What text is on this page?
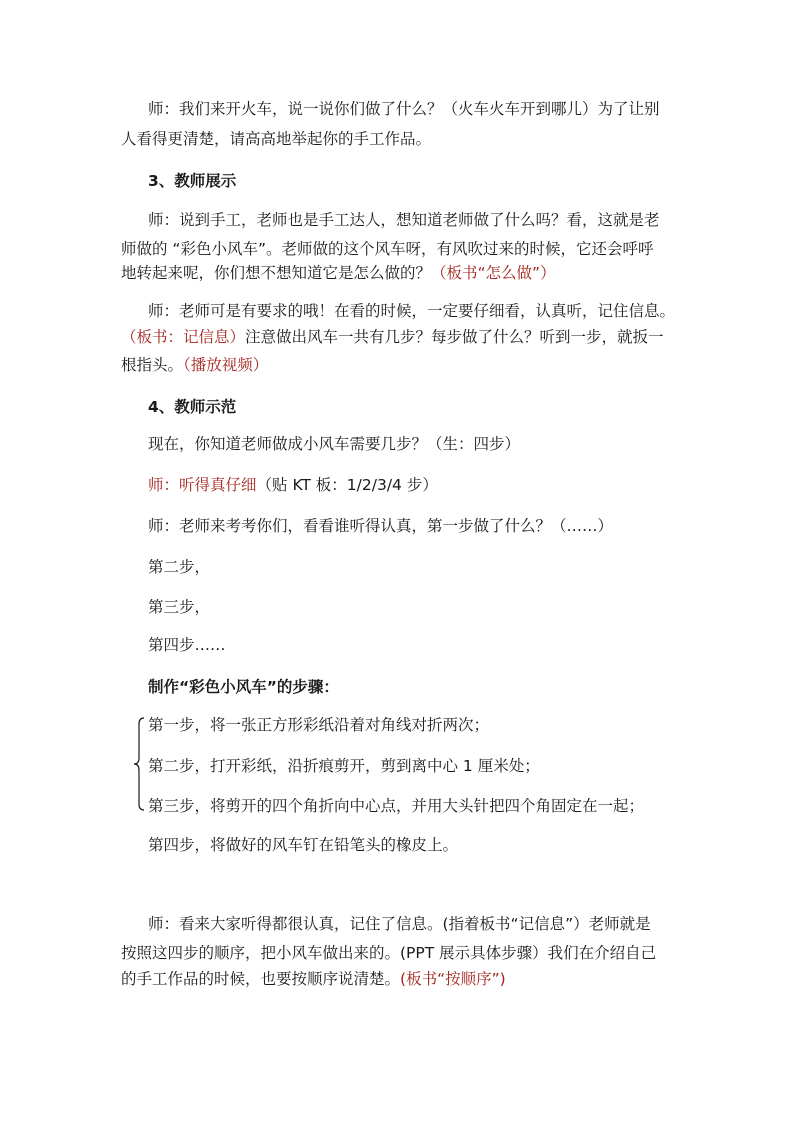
师：我们来开火车，说一说你们做了什么？（火车火车开到哪儿）为了让别
人看得更清楚，请高高地举起你的手工作品。
3、教师展示
师：说到手工，老师也是手工达人，想知道老师做了什么吗？看，这就是老
师做的 “彩色小风车”。老师做的这个风车呀，有风吹过来的时候，它还会呼呼
地转起来呢，你们想不想知道它是怎么做的？（板书“怎么做”）
师：老师可是有要求的哦！在看的时候，一定要仔细看，认真听，记住信息。
（板书：记信息）注意做出风车一共有几步？每步做了什么？听到一步，就扳一
根指头。（播放视频）
4、教师示范
现在，你知道老师做成小风车需要几步？（生：四步）
师：听得真仔细（贴 KT 板：1/2/3/4 步）
师：老师来考考你们，看看谁听得认真，第一步做了什么？（……）
第二步，
第三步，
第四步……
制作“彩色小风车”的步骤：
第一步，将一张正方形彩纸沿着对角线对折两次；
第二步，打开彩纸，沿折痕剪开，剪到离中心 1 厘米处；
第三步，将剪开的四个角折向中心点，并用大头针把四个角固定在一起；
第四步，将做好的风车钉在铅笔头的橡皮上。
师：看来大家听得都很认真，记住了信息。(指着板书“记信息”）老师就是
按照这四步的顺序，把小风车做出来的。(PPT 展示具体步骤）我们在介绍自己
的手工作品的时候，也要按顺序说清楚。(板书“按顺序”)
